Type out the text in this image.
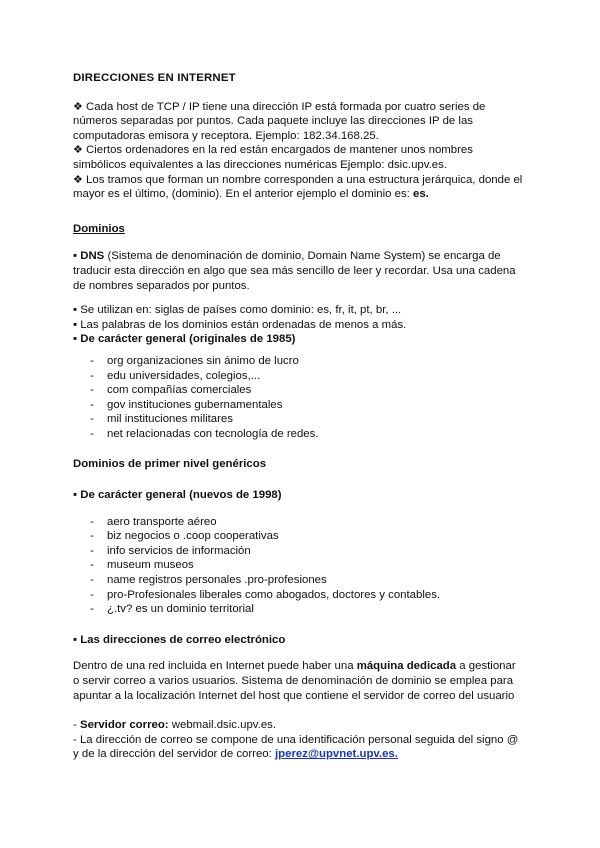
DIRECCIONES EN INTERNET

❖ Cada host de TCP / IP tiene una dirección IP está formada por cuatro series de números separadas por puntos. Cada paquete incluye las direcciones IP de las computadoras emisora y receptora. Ejemplo: 182.34.168.25.

❖ Ciertos ordenadores en la red están encargados de mantener unos nombres simbólicos equivalentes a las direcciones numéricas Ejemplo: dsic.upv.es.

❖ Los tramos que forman un nombre corresponden a una estructura jerárquica, donde el mayor es el último, (dominio). En el anterior ejemplo el dominio es: es.

Dominios

▪ DNS (Sistema de denominación de dominio, Domain Name System) se encarga de traducir esta dirección en algo que sea más sencillo de leer y recordar. Usa una cadena de nombres separados por puntos.

▪ Se utilizan en: siglas de países como dominio: es, fr, it, pt, br, ...

▪ Las palabras de los dominios están ordenadas de menos a más.

▪ De carácter general (originales de 1985)

- org organizaciones sin ánimo de lucro
- edu universidades, colegios,...
- com compañías comerciales
- gov instituciones gubernamentales
- mil instituciones militares
- net relacionadas con tecnología de redes.

Dominios de primer nivel genéricos

▪ De carácter general (nuevos de 1998)

- aero transporte aéreo
- biz negocios o .coop cooperativas
- info servicios de información
- museum museos
- name registros personales .pro-profesiones
- pro-Profesionales liberales como abogados, doctores y contables.
- ¿.tv? es un dominio territorial

▪ Las direcciones de correo electrónico

Dentro de una red incluida en Internet puede haber una máquina dedicada a gestionar o servir correo a varios usuarios. Sistema de denominación de dominio se emplea para apuntar a la localización Internet del host que contiene el servidor de correo del usuario

- Servidor correo: webmail.dsic.upv.es.

- La dirección de correo se compone de una identificación personal seguida del signo @ y de la dirección del servidor de correo: jperez@upvnet.upv.es.
